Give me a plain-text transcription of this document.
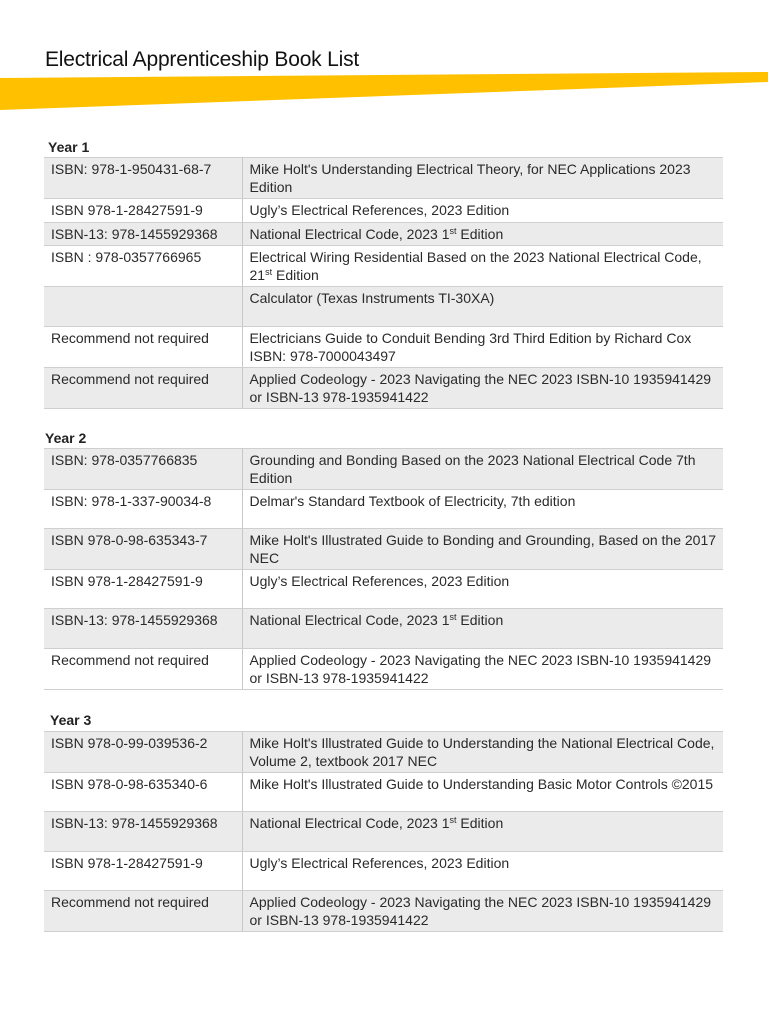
Electrical Apprenticeship Book List
Year 1
ISBN: 978-1-950431-68-7	Mike Holt's Understanding Electrical Theory, for NEC Applications 2023 Edition
ISBN 978-1-28427591-9	Ugly’s Electrical References, 2023 Edition
ISBN-13: 978-1455929368	National Electrical Code, 2023 1st Edition
ISBN : 978-0357766965	Electrical Wiring Residential Based on the 2023 National Electrical Code, 21st Edition
	Calculator (Texas Instruments TI-30XA)
Recommend not required	Electricians Guide to Conduit Bending 3rd Third Edition by Richard Cox ISBN: 978-7000043497
Recommend not required	Applied Codeology - 2023 Navigating the NEC 2023 ISBN-10 1935941429 or ISBN-13 978-1935941422
Year 2
ISBN: 978-0357766835	Grounding and Bonding Based on the 2023 National Electrical Code 7th Edition
ISBN: 978-1-337-90034-8	Delmar's Standard Textbook of Electricity, 7th edition
ISBN 978-0-98-635343-7	Mike Holt's Illustrated Guide to Bonding and Grounding, Based on the 2017 NEC
ISBN 978-1-28427591-9	Ugly’s Electrical References, 2023 Edition
ISBN-13: 978-1455929368	National Electrical Code, 2023 1st Edition
Recommend not required	Applied Codeology - 2023 Navigating the NEC 2023 ISBN-10 1935941429 or ISBN-13 978-1935941422
Year 3
ISBN 978-0-99-039536-2	Mike Holt's Illustrated Guide to Understanding the National Electrical Code, Volume 2, textbook 2017 NEC
ISBN 978-0-98-635340-6	Mike Holt's Illustrated Guide to Understanding Basic Motor Controls ©2015
ISBN-13: 978-1455929368	National Electrical Code, 2023 1st Edition
ISBN 978-1-28427591-9	Ugly’s Electrical References, 2023 Edition
Recommend not required	Applied Codeology - 2023 Navigating the NEC 2023 ISBN-10 1935941429 or ISBN-13 978-1935941422
